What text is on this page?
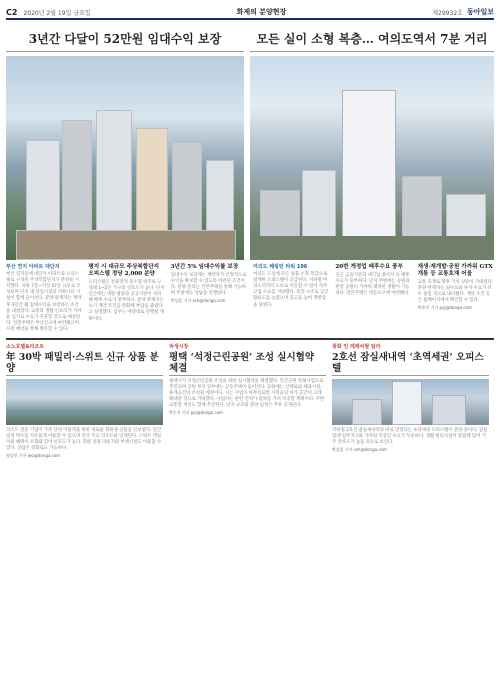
C2 2020년 2월 19일 금요일	화제의 분양현장	제29932호 동아일보
3년간 다달이 52만원 임대수익 보장	모든 실이 소형 복층… 여의도역서 7분 거리
부산 연지 아파트 대단지
부산 연지동에 대단지 아파트와 오피스텔로 구성된 주상복합단지가 분양을 시작했다. 지하 7층~지상 47층 규모로 조성되며 단지 내 상업시설과 커뮤니티 시설이 함께 들어선다. 분양 관계자는 계약 후 3년간 월 임대수익을 보장하는 조건을 내걸었다. 교통과 생활 인프라가 가까운 입지로 수요가 꾸준할 것으로 예상된다. 견본주택은 부산진구에 마련됐으며 사전 예약을 통해 방문할 수 있다.
평지 시 대규모 주상복합단지 오피스텔 정당 2,000 분양
오피스텔은 전용면적 중소형 위주로 구성돼 1~2인 가구의 선호도가 높다. 단지 인근에는 대형 병원과 공공기관이 자리해 배후 수요가 풍부하다. 분양 관계자는 초기 계약 조건을 완화해 부담을 줄였다고 설명했다. 입주는 예정대로 진행될 계획이다.
3년간 5% 임대수익률 보장
임대수익 보장제는 계약자가 안정적으로 수익을 확보할 수 있도록 마련된 조건이다. 분양 문의는 견본주택을 통해 가능하며 주말에도 상담을 진행한다.
박상훈 기자 ssh@donga.com
여의도 해링턴 타워 196
여의도 도심에 모든 실을 소형 복층으로 설계한 오피스텔이 공급된다. 지하철 여의도역까지 도보로 이동할 수 있어 직주근접 수요를 겨냥했다. 복층 구조로 공간 활용도를 높였으며 층고를 높여 개방감을 살렸다.
20번 게정업 배후수요 풍부
인근 금융기관과 대기업 종사자 등 배후 수요가 풍부하다. 단지 주변에는 공원과 한강 공원이 가까워 쾌적한 생활이 가능하다. 견본주택은 영등포구에 마련됐다.
재생·재개발·공원 가까워 GTX 개통 등 교통호재 어울
교통 호재로 향후 가치 상승이 기대된다. 분양 관계자는 실수요와 투자 수요가 모두 몰릴 것으로 내다봤다. 계약 조건 등은 홈페이지에서 확인할 수 있다.
박용진 기자 pyj@donga.com
소노호텔&리조트
年 30박 패밀리·스위트 신규 상품 분양
리조트 전문 기업이 가족 단위 이용객을 위한 새로운 회원권 상품을 선보였다. 연간 일정 박수를 자유롭게 이용할 수 있으며 전국 주요 리조트와 연계된다. 스위트 객실 이용 혜택이 포함돼 있어 선호도가 높다. 회원 전용 라운지와 부대시설도 이용할 수 있다. 상담은 전화로도 가능하다.
정성인 기자 jeo@donga.com
파생시장
평택 ‘석정근린공원’ 조성 실시협약 체결
평택시가 석정근린공원 조성을 위한 실시협약을 체결했다. 민간공원 특례사업으로 추진되며 공원 부지 일부에는 공동주택이 들어선다. 공원에는 산책로와 체육시설, 휴게공간이 조성될 예정이다. 시는 사업이 마무리되면 시민들의 여가 공간이 크게 확대될 것으로 기대했다. 사업자는 관련 인허가 절차를 거쳐 착공할 계획이다. 주변 교통망 개선도 함께 추진된다. 단지 규모와 분양 일정은 추후 공개된다.
박준식 기자 pjs@donga.com
광화 언 레제씨팔 탐라
2호선 잠실새내역 ‘초역세권’ 오피스텔
지하철 2호선 잠실새내역과 바로 연결되는 초역세권 오피스텔이 분양 중이다. 잠실 일대 업무지구와 가까워 직장인 수요가 꾸준하다. 생활 편의시설이 밀집해 있어 거주 만족도가 높을 것으로 보인다.
박상훈 기자 ssh@donga.com
